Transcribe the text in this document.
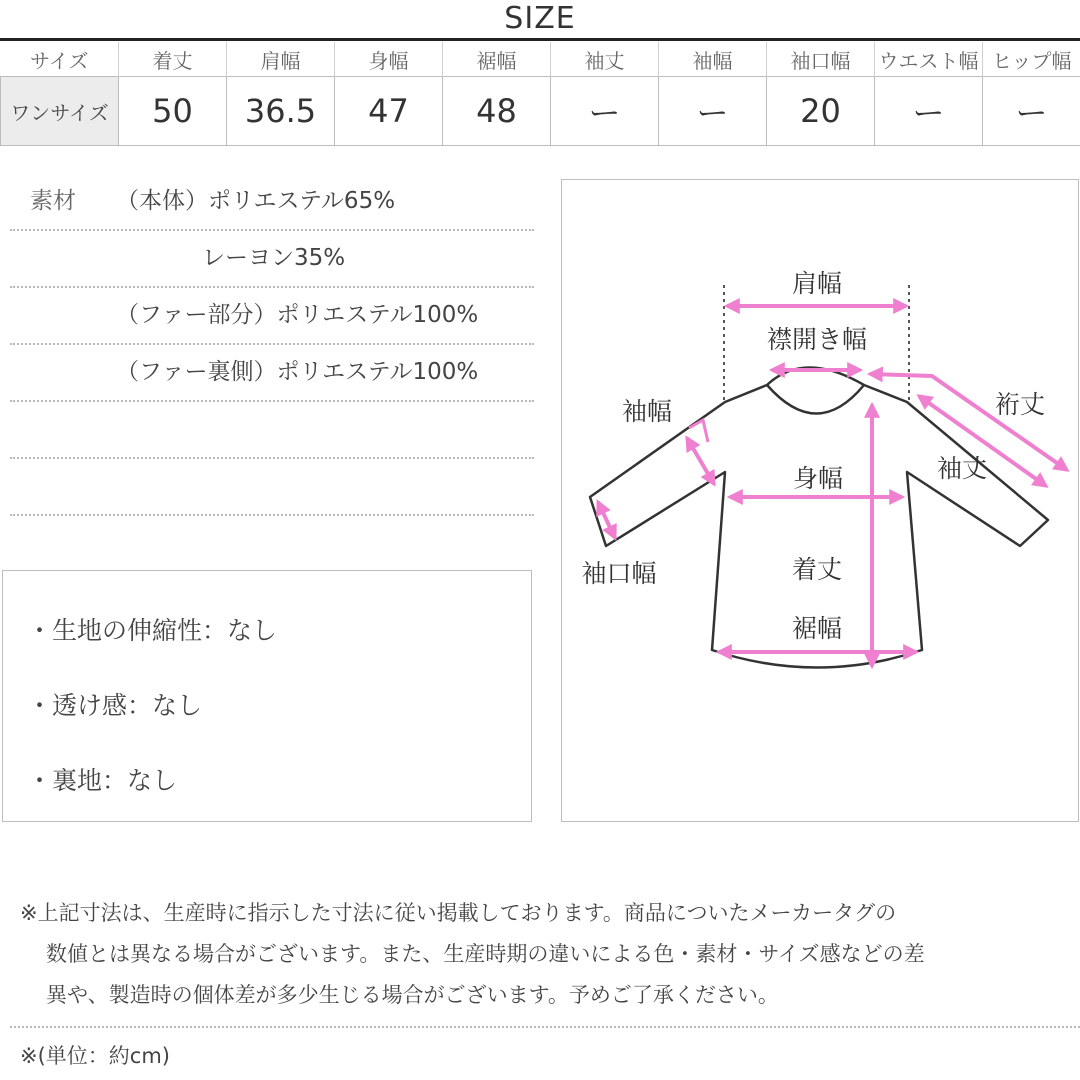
SIZE
サイズ	着丈	肩幅	身幅	裾幅	袖丈	袖幅	袖口幅	ウエスト幅	ヒップ幅
ワンサイズ	50	36.5	47	48	ー	ー	20	ー	ー
素材 （本体）ポリエステル65%
レーヨン35%
（ファー部分）ポリエステル100%
（ファー裏側）ポリエステル100%
・生地の伸縮性：なし
・透け感：なし
・裏地：なし
肩幅
襟開き幅
袖幅	裄丈
袖丈
身幅
袖口幅	着丈
裾幅
※上記寸法は、生産時に指示した寸法に従い掲載しております。商品についたメーカータグの
数値とは異なる場合がございます。また、生産時期の違いによる色・素材・サイズ感などの差
異や、製造時の個体差が多少生じる場合がございます。予めご了承ください。
※(単位：約cm)
